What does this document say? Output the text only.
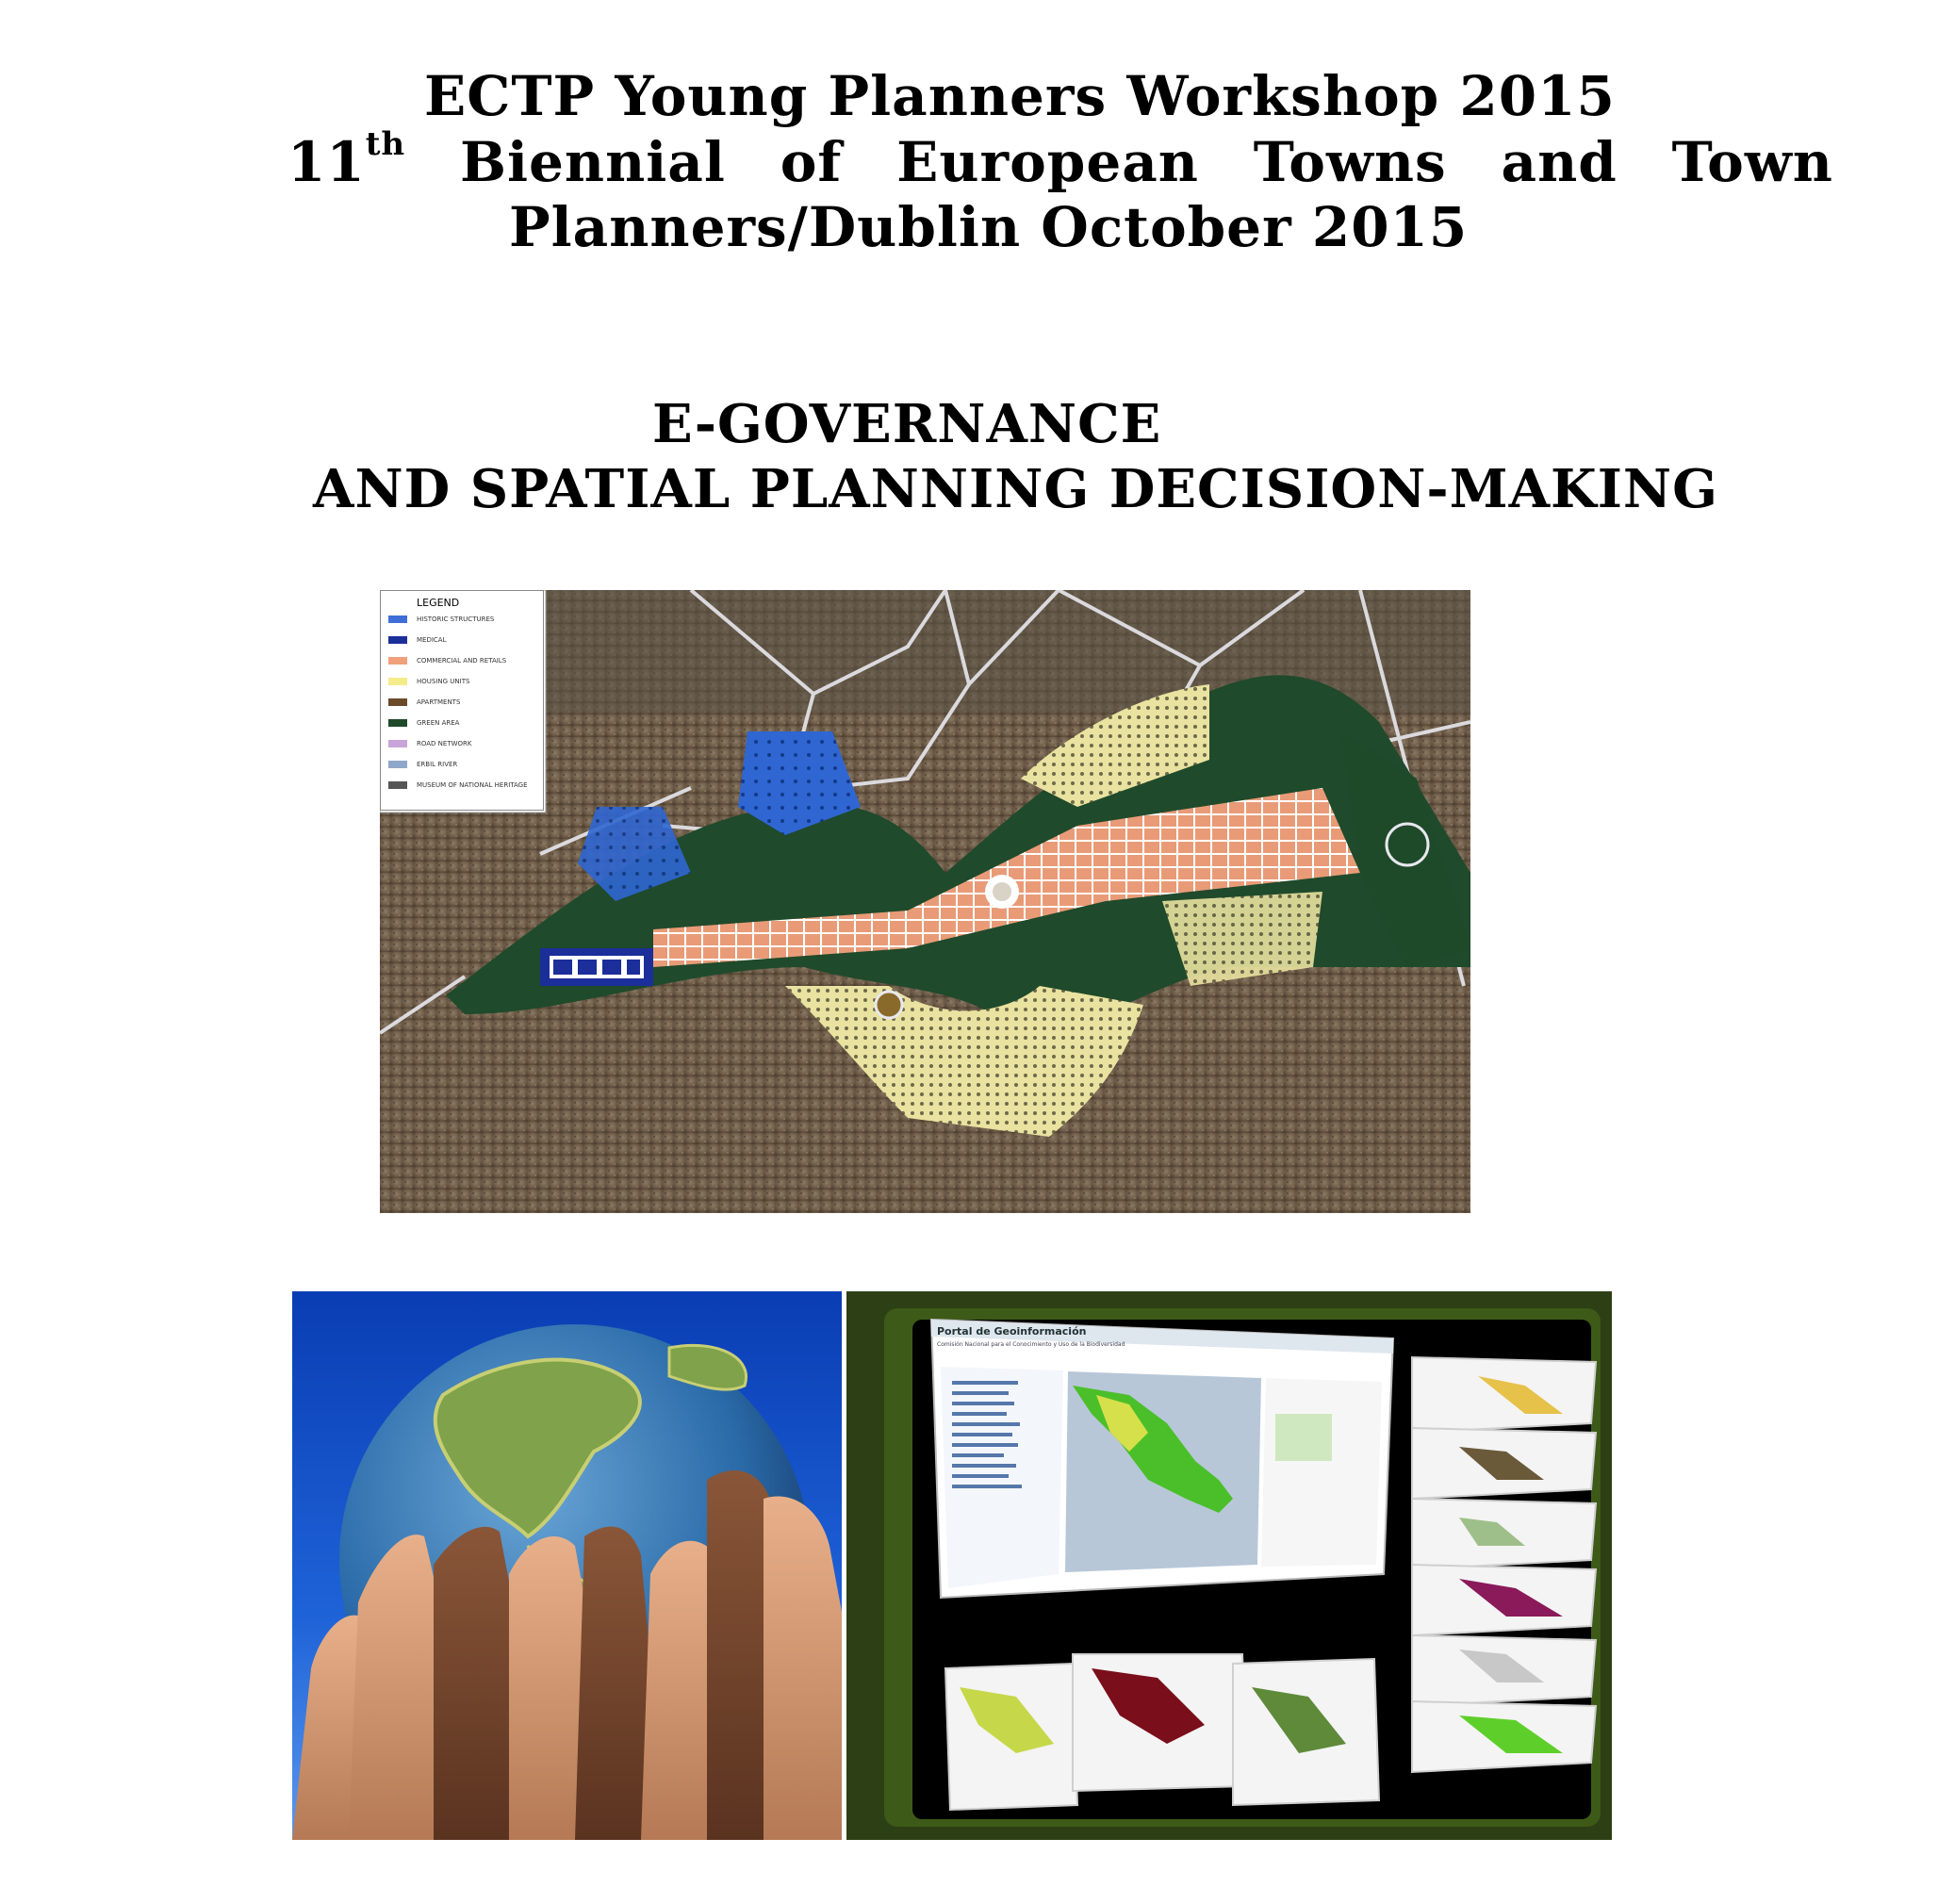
ECTP Young Planners Workshop 2015
11th Biennial of European Towns and Town
Planners/Dublin October 2015
E-GOVERNANCE
AND SPATIAL PLANNING DECISION-MAKING
LEGEND
HISTORIC STRUCTURES
MEDICAL
COMMERCIAL AND RETAILS
HOUSING UNITS
APARTMENTS
GREEN AREA
ROAD NETWORK
ERBIL RIVER
MUSEUM OF NATIONAL HERITAGE
Portal de Geoinformación
Comisión Nacional para el Conocimiento y Uso de la Biodiversidad
